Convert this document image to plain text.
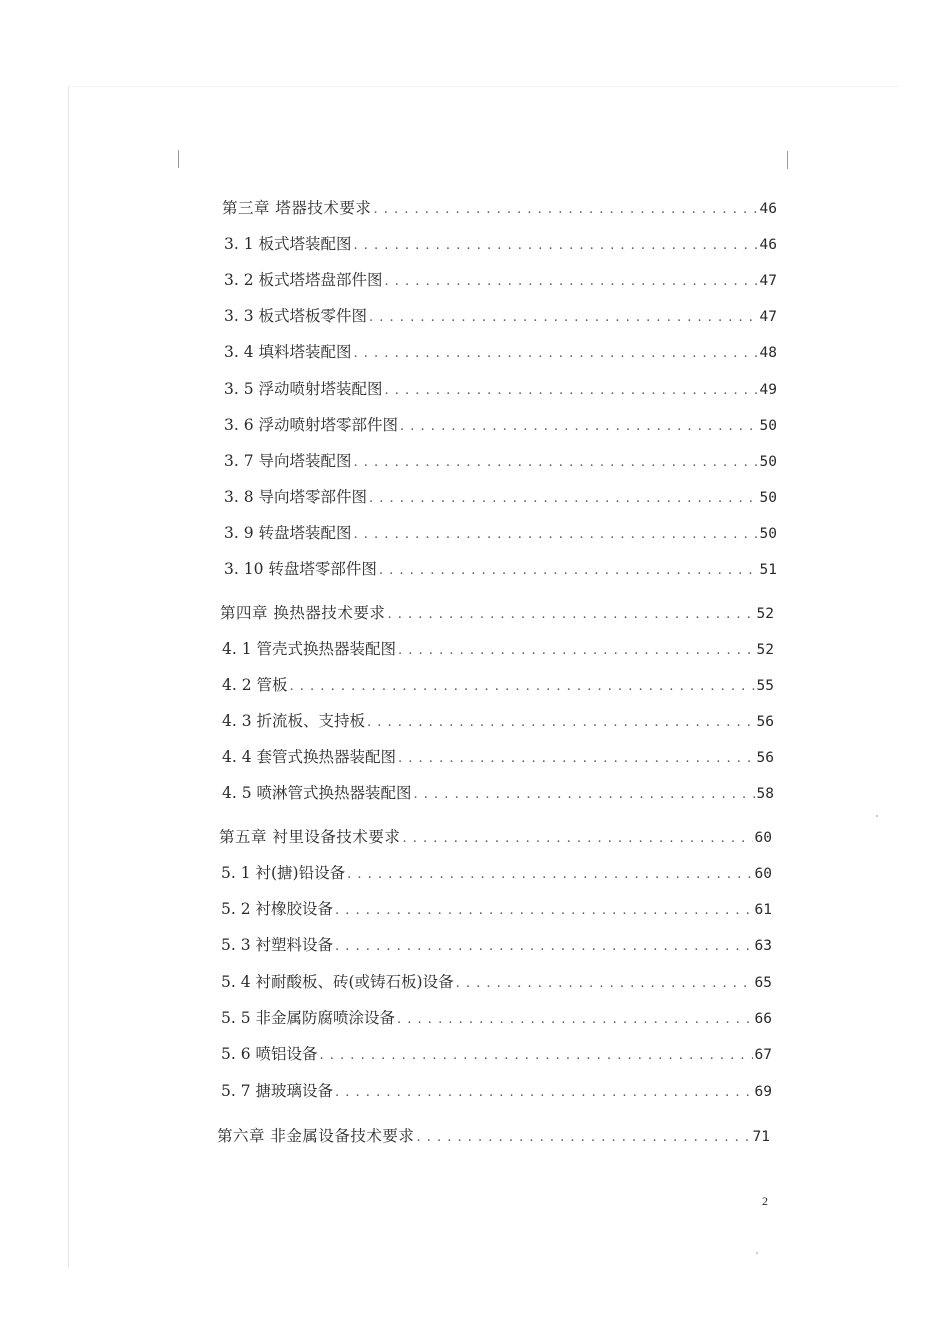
第三章 塔器技术要求 . . .	46
3. 1 板式塔装配图 . . .	46
3. 2 板式塔塔盘部件图 . . .	47
3. 3 板式塔板零件图 . . .	47
3. 4 填料塔装配图 . . .	48
3. 5 浮动喷射塔装配图 . . .	49
3. 6 浮动喷射塔零部件图 . . .	50
3. 7 导向塔装配图 . . .	50
3. 8 导向塔零部件图 . . .	50
3. 9 转盘塔装配图 . . .	50
3. 10 转盘塔零部件图 . . .	51
第四章 换热器技术要求 . . .	52
4. 1 管壳式换热器装配图 . . .	52
4. 2 管板 . . .	55
4. 3 折流板、支持板 . . .	56
4. 4 套管式换热器装配图 . . .	56
4. 5 喷淋管式换热器装配图 . . .	58
第五章 衬里设备技术要求 . . .	60
5. 1 衬(搪)铅设备 . . .	60
5. 2 衬橡胶设备 . . .	61
5. 3 衬塑料设备 . . .	63
5. 4 衬耐酸板、砖(或铸石板)设备 . . .	65
5. 5 非金属防腐喷涂设备 . . .	66
5. 6 喷铝设备 . . .	67
5. 7 搪玻璃设备 . . .	69
第六章 非金属设备技术要求 . . .	71
2
